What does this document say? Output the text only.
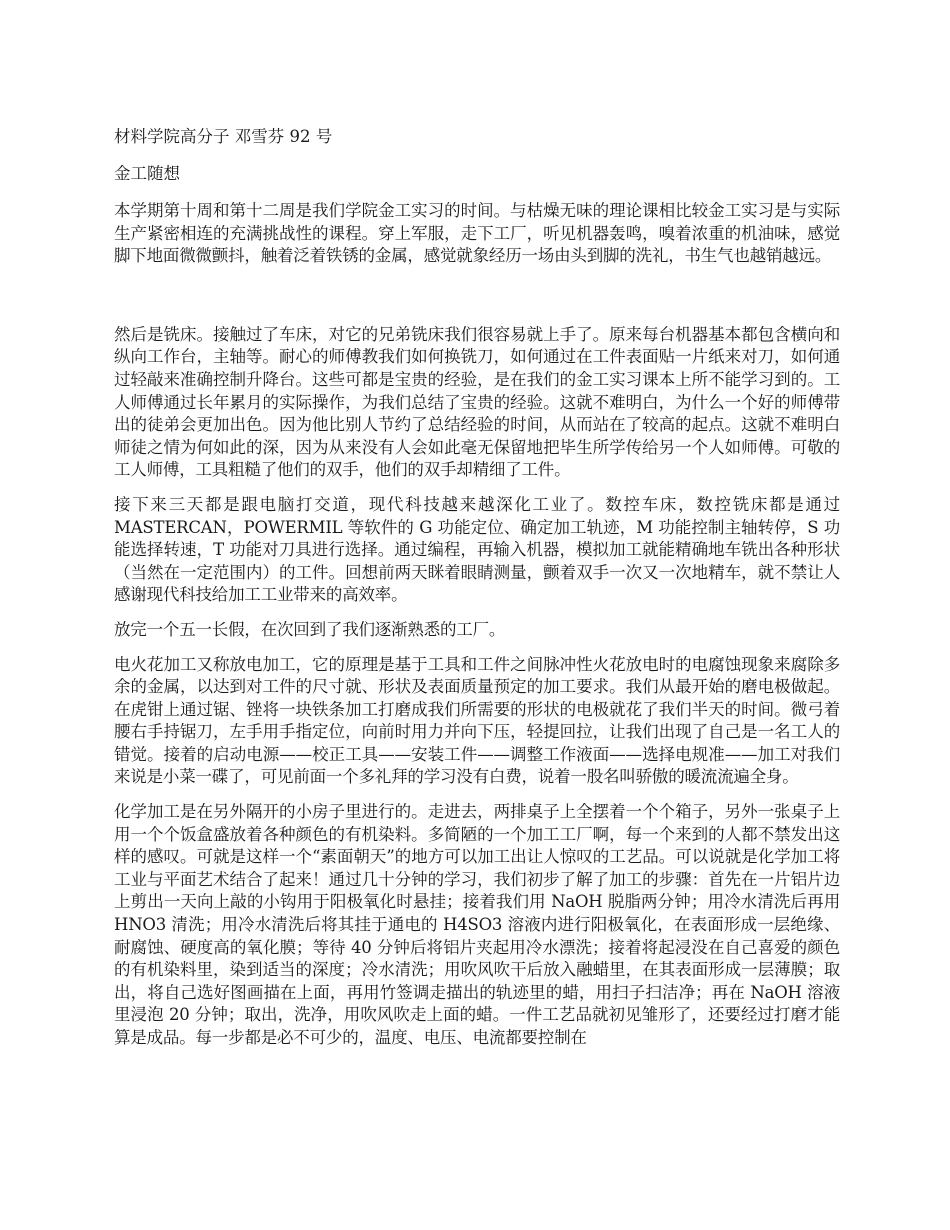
材料学院高分子 邓雪芬 92 号

金工随想

本学期第十周和第十二周是我们学院金工实习的时间。与枯燥无味的理论课相比较金工实习是与实际生产紧密相连的充满挑战性的课程。穿上军服，走下工厂，听见机器轰鸣，嗅着浓重的机油味，感觉脚下地面微微颤抖，触着泛着铁锈的金属，感觉就象经历一场由头到脚的洗礼，书生气也越销越远。

然后是铣床。接触过了车床，对它的兄弟铣床我们很容易就上手了。原来每台机器基本都包含横向和纵向工作台，主轴等。耐心的师傅教我们如何换铣刀，如何通过在工件表面贴一片纸来对刀，如何通过轻敲来准确控制升降台。这些可都是宝贵的经验，是在我们的金工实习课本上所不能学习到的。工人师傅通过长年累月的实际操作，为我们总结了宝贵的经验。这就不难明白，为什么一个好的师傅带出的徒弟会更加出色。因为他比别人节约了总结经验的时间，从而站在了较高的起点。这就不难明白师徒之情为何如此的深，因为从来没有人会如此毫无保留地把毕生所学传给另一个人如师傅。可敬的工人师傅，工具粗糙了他们的双手，他们的双手却精细了工件。

接下来三天都是跟电脑打交道，现代科技越来越深化工业了。数控车床，数控铣床都是通过 MASTERCAN，POWERMIL 等软件的 G 功能定位、确定加工轨迹，M 功能控制主轴转停，S 功能选择转速，T 功能对刀具进行选择。通过编程，再输入机器，模拟加工就能精确地车铣出各种形状（当然在一定范围内）的工件。回想前两天眯着眼睛测量，颤着双手一次又一次地精车，就不禁让人感谢现代科技给加工工业带来的高效率。

放完一个五一长假，在次回到了我们逐渐熟悉的工厂。

电火花加工又称放电加工，它的原理是基于工具和工件之间脉冲性火花放电时的电腐蚀现象来腐除多余的金属，以达到对工件的尺寸就、形状及表面质量预定的加工要求。我们从最开始的磨电极做起。在虎钳上通过锯、锉将一块铁条加工打磨成我们所需要的形状的电极就花了我们半天的时间。微弓着腰右手持锯刀，左手用手指定位，向前时用力并向下压，轻提回拉，让我们出现了自己是一名工人的错觉。接着的启动电源——校正工具——安装工件——调整工作液面——选择电规准——加工对我们来说是小菜一碟了，可见前面一个多礼拜的学习没有白费，说着一股名叫骄傲的暖流流遍全身。

化学加工是在另外隔开的小房子里进行的。走进去，两排桌子上全摆着一个个箱子，另外一张桌子上用一个个饭盒盛放着各种颜色的有机染料。多简陋的一个加工工厂啊，每一个来到的人都不禁发出这样的感叹。可就是这样一个“素面朝天”的地方可以加工出让人惊叹的工艺品。可以说就是化学加工将工业与平面艺术结合了起来！通过几十分钟的学习，我们初步了解了加工的步骤：首先在一片铝片边上剪出一天向上敲的小钩用于阳极氧化时悬挂；接着我们用 NaOH 脱脂两分钟；用冷水清洗后再用 HNO3 清洗；用冷水清洗后将其挂于通电的 H4SO3 溶液内进行阳极氧化，在表面形成一层绝缘、耐腐蚀、硬度高的氧化膜；等待 40 分钟后将铝片夹起用冷水漂洗；接着将起浸没在自己喜爱的颜色的有机染料里，染到适当的深度；冷水清洗；用吹风吹干后放入融蜡里，在其表面形成一层薄膜；取出，将自己选好图画描在上面，再用竹签调走描出的轨迹里的蜡，用扫子扫洁净；再在 NaOH 溶液里浸泡 20 分钟；取出，洗净，用吹风吹走上面的蜡。一件工艺品就初见雏形了，还要经过打磨才能算是成品。每一步都是必不可少的，温度、电压、电流都要控制在
